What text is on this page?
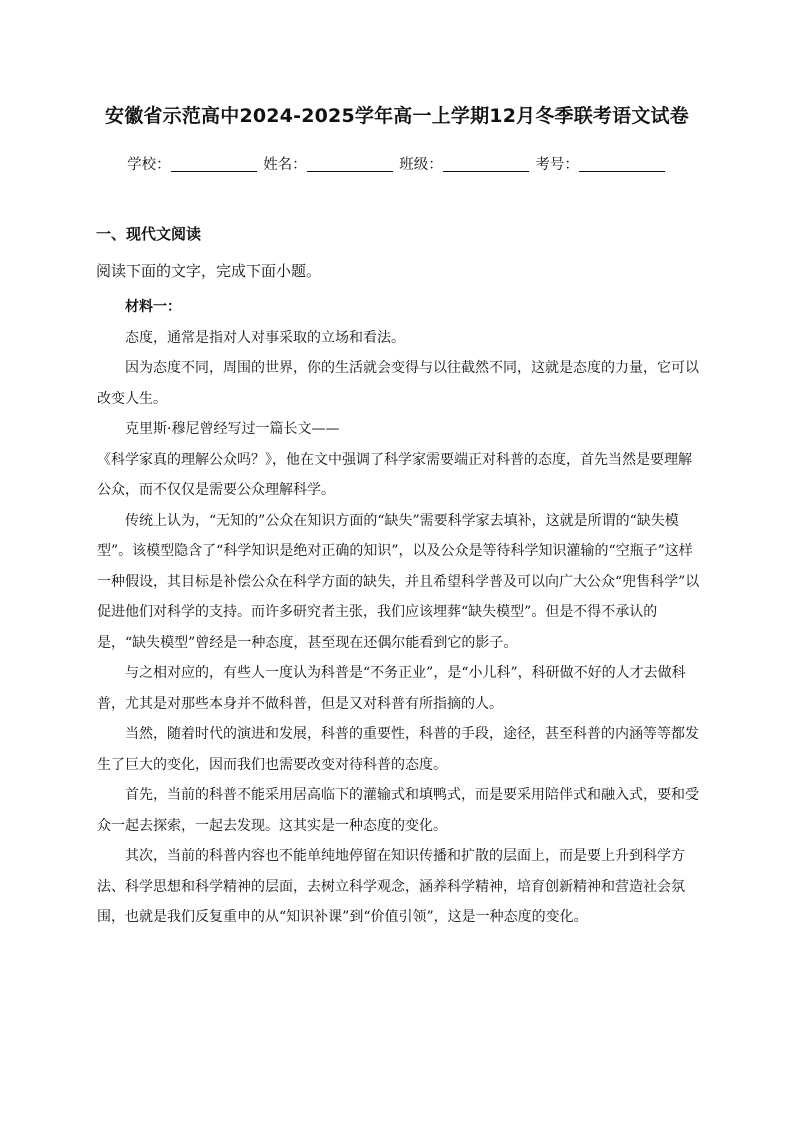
安徽省示范高中2024-2025学年高一上学期12月冬季联考语文试卷
学校：	姓名：	班级：	考号：
一、现代文阅读
阅读下面的文字，完成下面小题。

材料一：

态度，通常是指对人对事采取的立场和看法。

因为态度不同，周围的世界，你的生活就会变得与以往截然不同，这就是态度的力量，它可以改变人生。

克里斯·穆尼曾经写过一篇长文——

《科学家真的理解公众吗？》，他在文中强调了科学家需要端正对科普的态度，首先当然是要理解公众，而不仅仅是需要公众理解科学。

传统上认为，“无知的”公众在知识方面的“缺失”需要科学家去填补，这就是所谓的“缺失模型”。该模型隐含了“科学知识是绝对正确的知识”，以及公众是等待科学知识灌输的“空瓶子”这样一种假设，其目标是补偿公众在科学方面的缺失，并且希望科学普及可以向广大公众“兜售科学”以促进他们对科学的支持。而许多研究者主张，我们应该埋葬“缺失模型”。但是不得不承认的是，“缺失模型”曾经是一种态度，甚至现在还偶尔能看到它的影子。

与之相对应的，有些人一度认为科普是“不务正业”，是“小儿科”，科研做不好的人才去做科普，尤其是对那些本身并不做科普，但是又对科普有所指摘的人。

当然，随着时代的演进和发展，科普的重要性，科普的手段，途径，甚至科普的内涵等等都发生了巨大的变化，因而我们也需要改变对待科普的态度。

首先，当前的科普不能采用居高临下的灌输式和填鸭式，而是要采用陪伴式和融入式，要和受众一起去探索，一起去发现。这其实是一种态度的变化。

其次，当前的科普内容也不能单纯地停留在知识传播和扩散的层面上，而是要上升到科学方法、科学思想和科学精神的层面，去树立科学观念，涵养科学精神，培育创新精神和营造社会氛围，也就是我们反复重申的从“知识补课”到“价值引领”，这是一种态度的变化。
